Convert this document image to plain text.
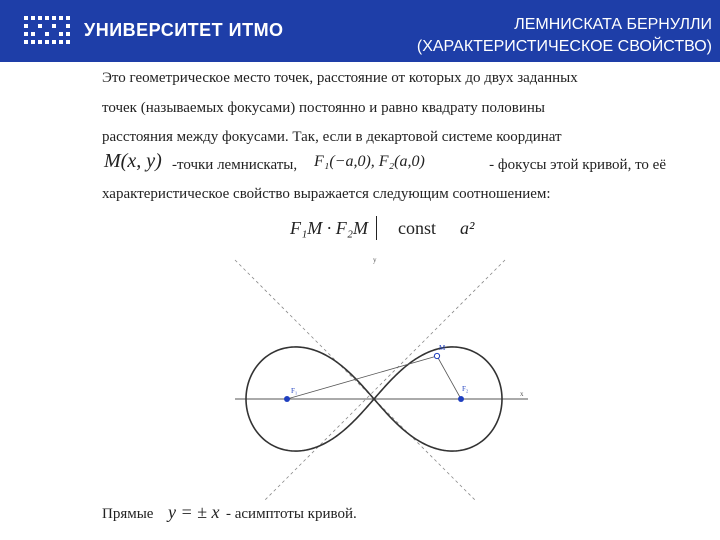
УНИВЕРСИТЕТ ИТМО	ЛЕМНИСКАТА БЕРНУЛЛИ
(ХАРАКТЕРИСТИЧЕСКОЕ СВОЙСТВО)

Это геометрическое место точек, расстояние от которых до двух заданных

точек (называемых фокусами) постоянно и равно квадрату половины

расстояния между фокусами. Так, если в декартовой системе координат

M(x, y) -точки лемнискаты, F₁(−a,0), F₂(a,0)	- фокусы этой кривой, то её
характеристическое свойство выражается следующим соотношением:
F₁M · F₂M const a²
x
y
F₁	F₂
M
Прямые y = ± x - асимптоты кривой.
